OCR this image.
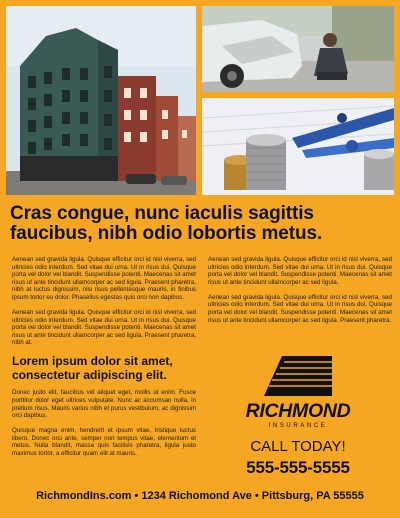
Cras congue, nunc iaculis sagittis faucibus, nibh odio lobortis metus.

Aenean sed gravida ligula. Quisque efficitur orci id nisl viverra, sed ultricies odio interdum. Sed vitae dui urna. Ut in risus dui. Quisque porta vel dolor vel blandit. Suspendisse potenti. Maecenas sit amet risus ut ante tincidunt ullamcorper ac sed ligula. Praesent pharetra, nibh at luctus dignissim, nisi risus pellentesque mauris, in finibus ipsum tortor eu dolor. Phasellus egestas quis orci non dapibus.

Aenean sed gravida ligula. Quisque efficitur orci id nisl viverra, sed ultricies odio interdum. Sed vitae dui urna. Ut in risus dui. Quisque porta vel dolor vel blandit. Suspendisse potenti. Maecenas sit amet risus ut ante tincidunt ullamcorper ac sed ligula. Praesent pharetra, nibh at.

Lorem ipsum dolor sit amet, consectetur adipiscing elit.

Donec justo elit, faucibus vel aliquet eget, mollis ut enim. Fusce porttitor dolor eget ultrices vulputate. Nunc ac accumsan nulla, in pretium risus. Mauris varius nibh et purus vestibulum, ac dignissim orci dapibus.

Quisque magna enim, hendrerit et ipsum vitae, tristique luctus libero. Donec orci ante, semper non tempus vitae, elementum et metus. Nulla blandit, massa quis facilisis pharetra, ligula justo maximus tortor, a efficitur quam elit at mauris.

Aenean sed gravida ligula. Quisque efficitur orci id nisl viverra, sed ultricies odio interdum. Sed vitae dui urna. Ut in risus dui. Quisque porta vel dolor vel blandit. Suspendisse potenti. Maecenas sit amet risus ut ante tincidunt ullamcorper ac sed ligula.

Aenean sed gravida ligula. Quisque efficitur orci id nisl viverra, sed ultricies odio interdum. Sed vitae dui urna. Ut in risus dui. Quisque porta vel dolor vel blandit. Suspendisse potenti. Maecenas sit amet risus ut ante tincidunt ullamcorper ac sed ligula. Praesent pharetra.

RICHMOND
INSURANCE
CALL TODAY!
555-555-5555
RichmondIns.com • 1234 Richomond Ave • Pittsburg, PA 55555
